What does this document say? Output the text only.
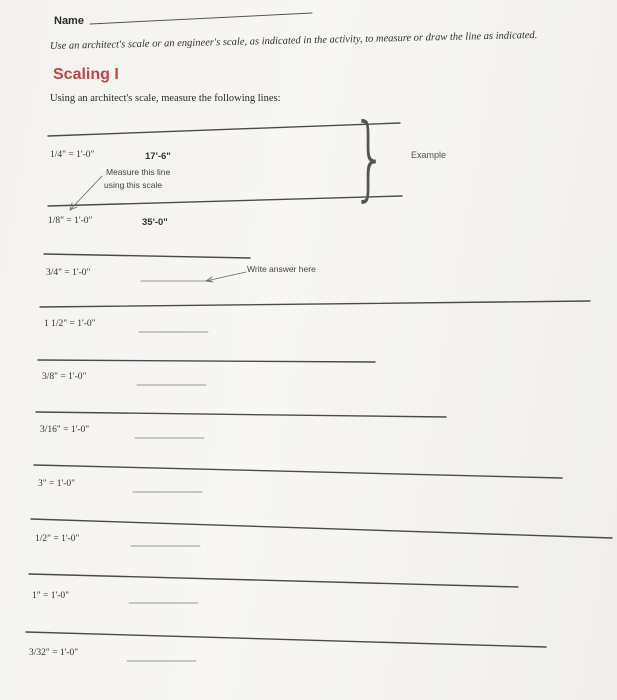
Name
Use an architect's scale or an engineer's scale, as indicated in the activity, to measure or draw the line as indicated.
Scaling I
Using an architect's scale, measure the following lines:
1/4" = 1'-0"	17'-6"
Measure this line
using this scale }	Example
1/8" = 1'-0"	35'-0"
3/4" = 1'-0"	Write answer here
1 1/2" = 1'-0"
3/8" = 1'-0"
3/16" = 1'-0"
3" = 1'-0"
1/2" = 1'-0"
1" = 1'-0"
3/32" = 1'-0"
